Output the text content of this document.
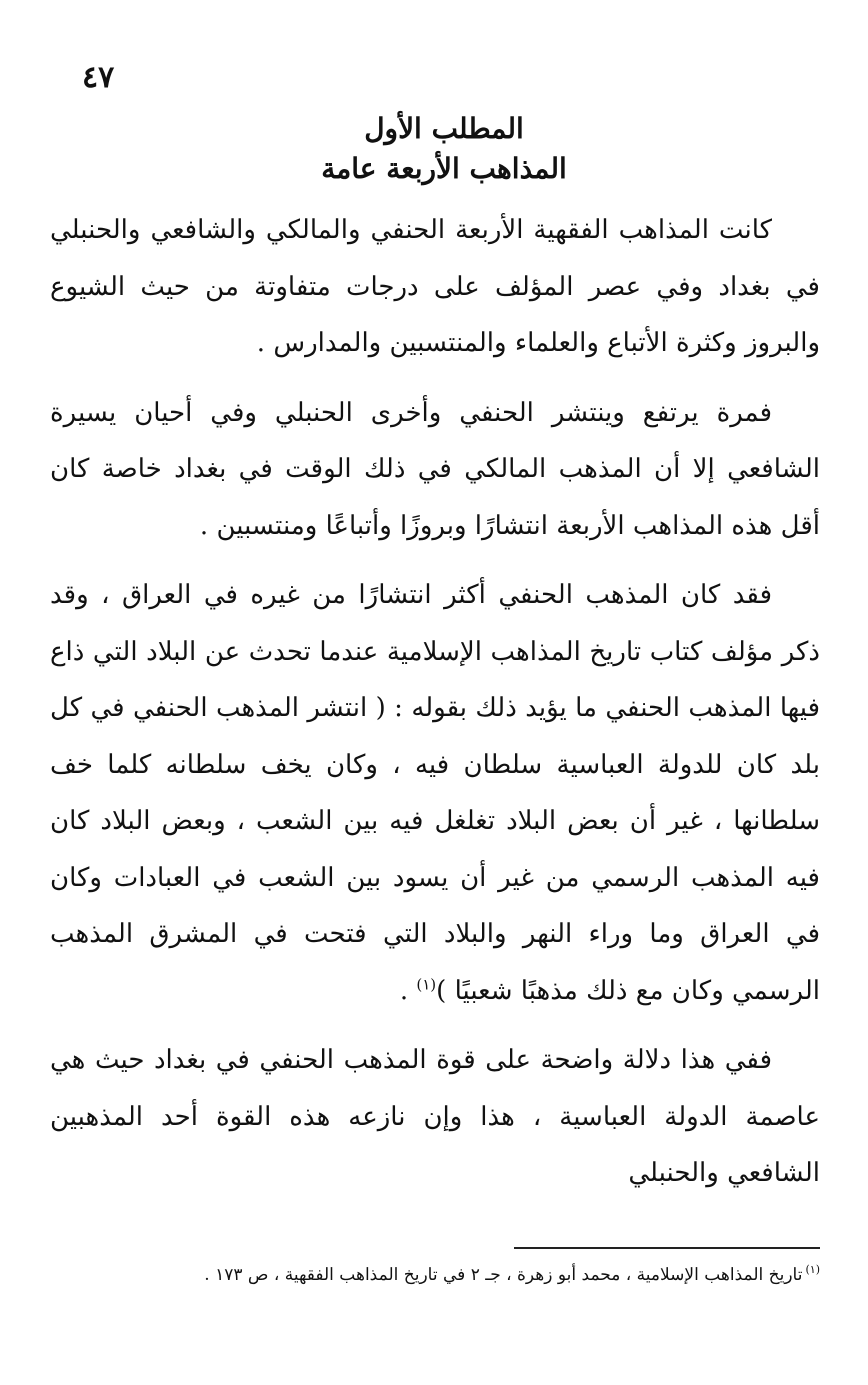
٤٧
المطلب الأول
المذاهب الأربعة عامة

كانت المذاهب الفقهية الأربعة الحنفي والمالكي والشافعي والحنبلي في بغداد وفي عصر المؤلف على درجات متفاوتة من حيث الشيوع والبروز وكثرة الأتباع والعلماء والمنتسبين والمدارس .

فمرة يرتفع وينتشر الحنفي وأخرى الحنبلي وفي أحيان يسيرة الشافعي إلا أن المذهب المالكي في ذلك الوقت في بغداد خاصة كان أقل هذه المذاهب الأربعة انتشارًا وبروزًا وأتباعًا ومنتسبين .

فقد كان المذهب الحنفي أكثر انتشارًا من غيره في العراق ، وقد ذكر مؤلف كتاب تاريخ المذاهب الإسلامية عندما تحدث عن البلاد التي ذاع فيها المذهب الحنفي ما يؤيد ذلك بقوله : ( انتشر المذهب الحنفي في كل بلد كان للدولة العباسية سلطان فيه ، وكان يخف سلطانه كلما خف سلطانها ، غير أن بعض البلاد تغلغل فيه بين الشعب ، وبعض البلاد كان فيه المذهب الرسمي من غير أن يسود بين الشعب في العبادات وكان في العراق وما وراء النهر والبلاد التي فتحت في المشرق المذهب الرسمي وكان مع ذلك مذهبًا شعبيًا )$^{(١)}$ .

ففي هذا دلالة واضحة على قوة المذهب الحنفي في بغداد حيث هي عاصمة الدولة العباسية ، هذا وإن نازعه هذه القوة أحد المذهبين الشافعي والحنبلي

$^{(١)}$تاريخ المذاهب الإسلامية ، محمد أبو زهرة ، جـ ٢ في تاريخ المذاهب الفقهية ، ص ١٧٣ .
